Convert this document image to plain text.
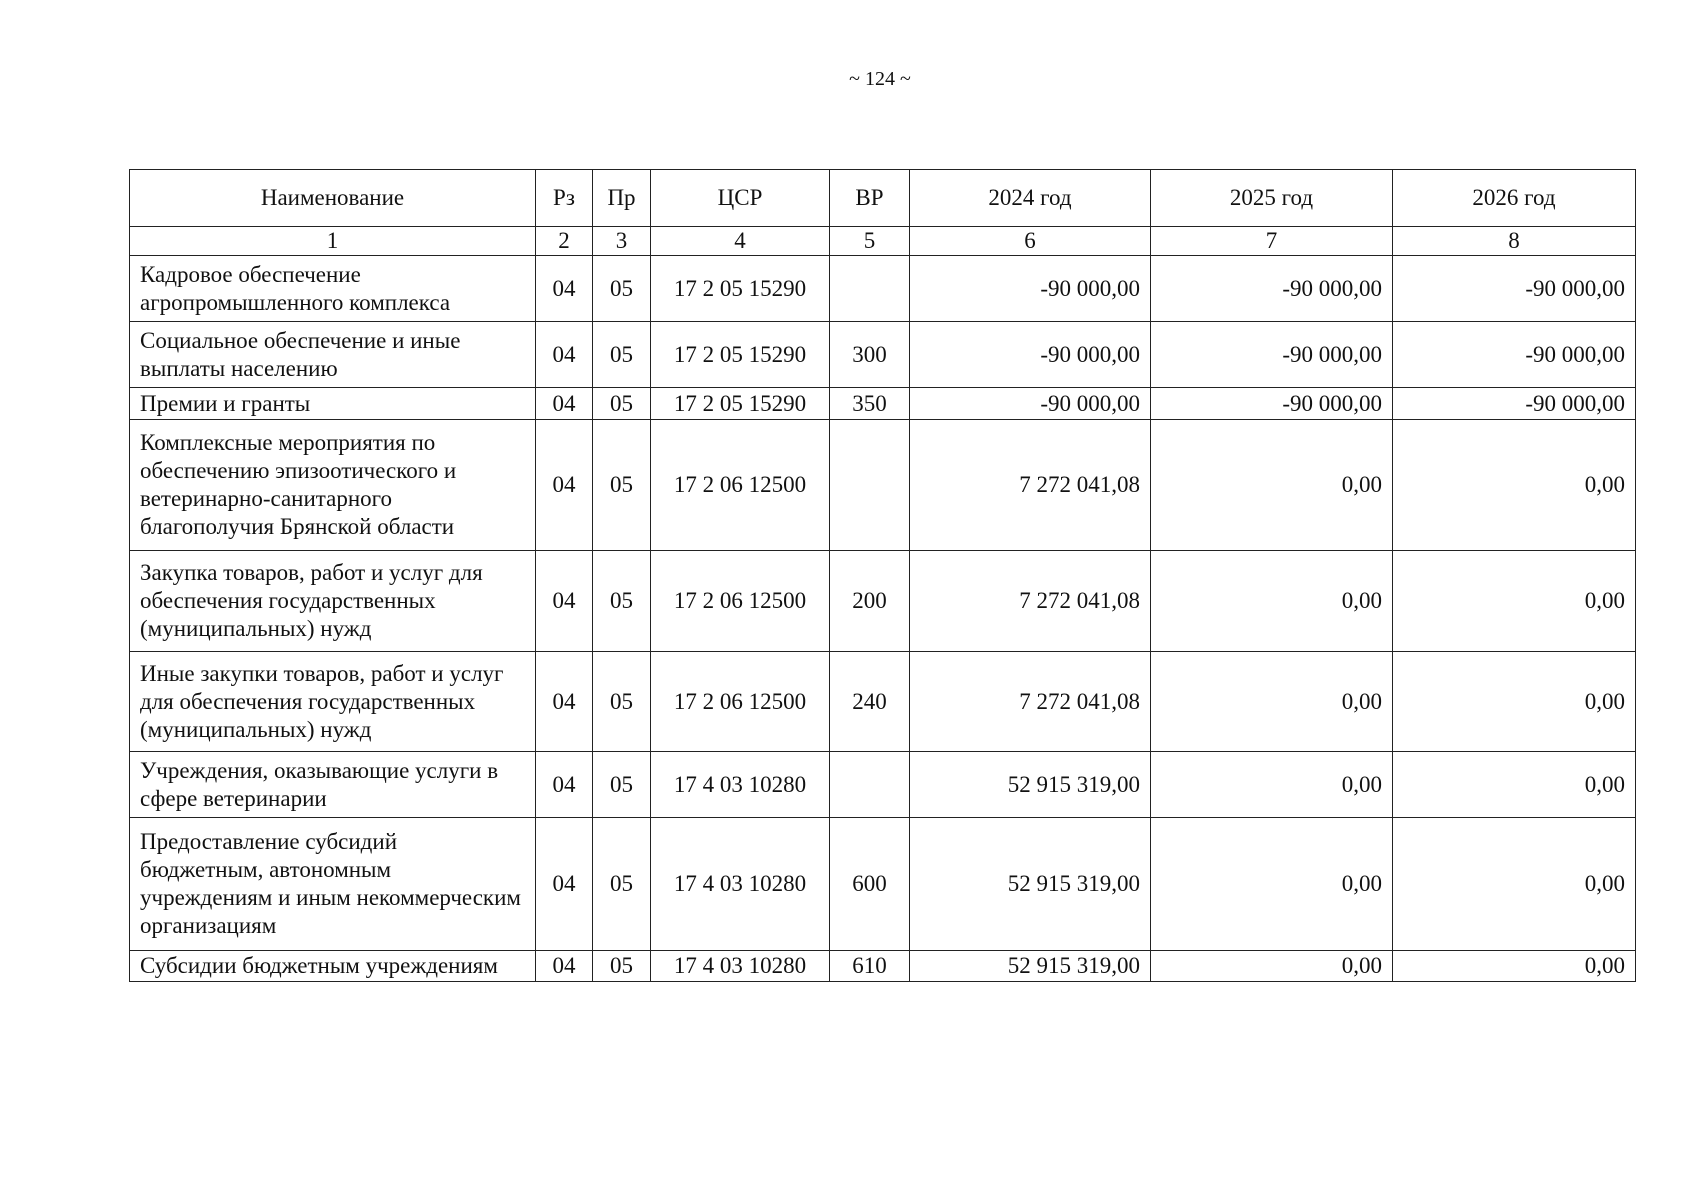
~ 124 ~
Наименование	Рз	Пр	ЦСР	ВР	2024 год	2025 год	2026 год
1	2	3	4	5	6	7	8
Кадровое обеспечение агропромышленного комплекса	04	05	17 2 05 15290		-90 000,00	-90 000,00	-90 000,00
Социальное обеспечение и иные выплаты населению	04	05	17 2 05 15290	300	-90 000,00	-90 000,00	-90 000,00
Премии и гранты	04	05	17 2 05 15290	350	-90 000,00	-90 000,00	-90 000,00
Комплексные мероприятия по обеспечению эпизоотического и ветеринарно-санитарного благополучия Брянской области	04	05	17 2 06 12500		7 272 041,08	0,00	0,00
Закупка товаров, работ и услуг для обеспечения государственных (муниципальных) нужд	04	05	17 2 06 12500	200	7 272 041,08	0,00	0,00
Иные закупки товаров, работ и услуг для обеспечения государственных (муниципальных) нужд	04	05	17 2 06 12500	240	7 272 041,08	0,00	0,00
Учреждения, оказывающие услуги в сфере ветеринарии	04	05	17 4 03 10280		52 915 319,00	0,00	0,00
Предоставление субсидий бюджетным, автономным учреждениям и иным некоммерческим организациям	04	05	17 4 03 10280	600	52 915 319,00	0,00	0,00
Субсидии бюджетным учреждениям	04	05	17 4 03 10280	610	52 915 319,00	0,00	0,00
